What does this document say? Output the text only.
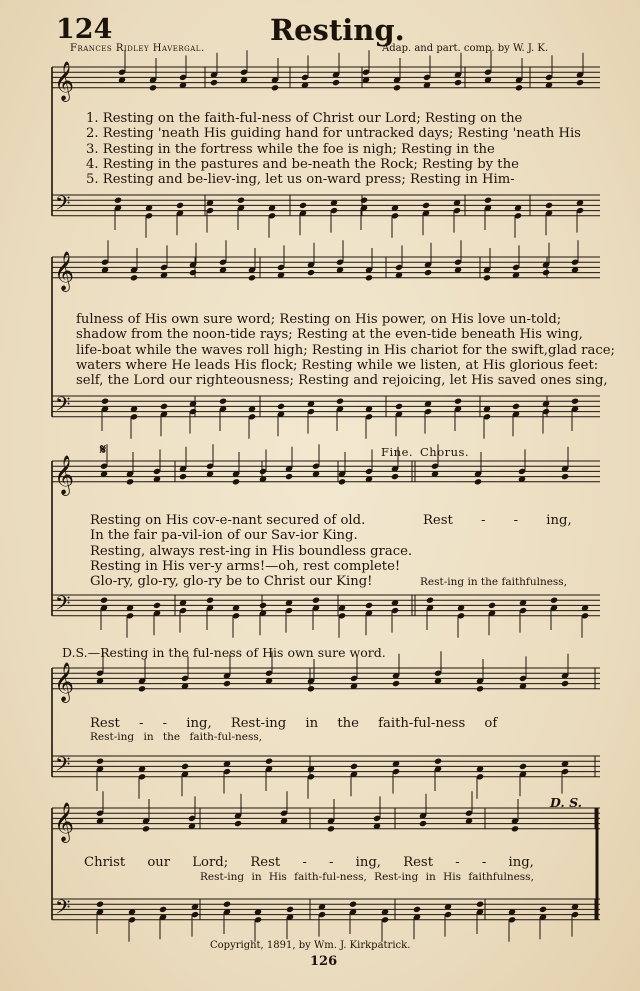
𝄞
𝄢
𝄞
𝄢
𝄞
𝄢
𝄞
𝄢
𝄞
𝄢
124	Resting.
Frances Ridley Havergal.	Adap. and part. comp. by W. J. K.
1. Resting on the faith-ful-ness of Christ our Lord; Resting on the
2. Resting 'neath His guiding hand for untracked days; Resting 'neath His
3. Resting in the fortress while the foe is nigh; Resting in the
4. Resting in the pastures and be-neath the Rock; Resting by the
5. Resting and be-liev-ing, let us on-ward press; Resting in Him-
fulness of His own sure word; Resting on His power, on His love un-told;
shadow from the noon-tide rays; Resting at the even-tide beneath His wing,
life-boat while the waves roll high; Resting in His chariot for the swift,glad race;
waters where He leads His flock; Resting while we listen, at His glorious feet:
self, the Lord our righteousness; Resting and rejoicing, let His saved ones sing,
𝄋	Fine. Chorus.
Resting on His cov-e-nant secured of old.
In the fair pa-vil-ion of our Sav-ior King.
Resting, always rest-ing in His boundless grace.
Resting in His ver-y arms!—oh, rest complete!
Glo-ry, glo-ry, glo-ry be to Christ our King!
Rest - - ing,
Rest-ing in the faithfulness,
D.S.—Resting in the ful-ness of His own sure word.
Rest - - ing, Rest-ing in the faith-ful-ness of
Rest-ing in the faith-ful-ness,
D. S.
Christ our Lord; Rest - - ing, Rest - - ing,
Rest-ing in His faith-ful-ness, Rest-ing in His faithfulness,
Copyright, 1891, by Wm. J. Kirkpatrick.
126
